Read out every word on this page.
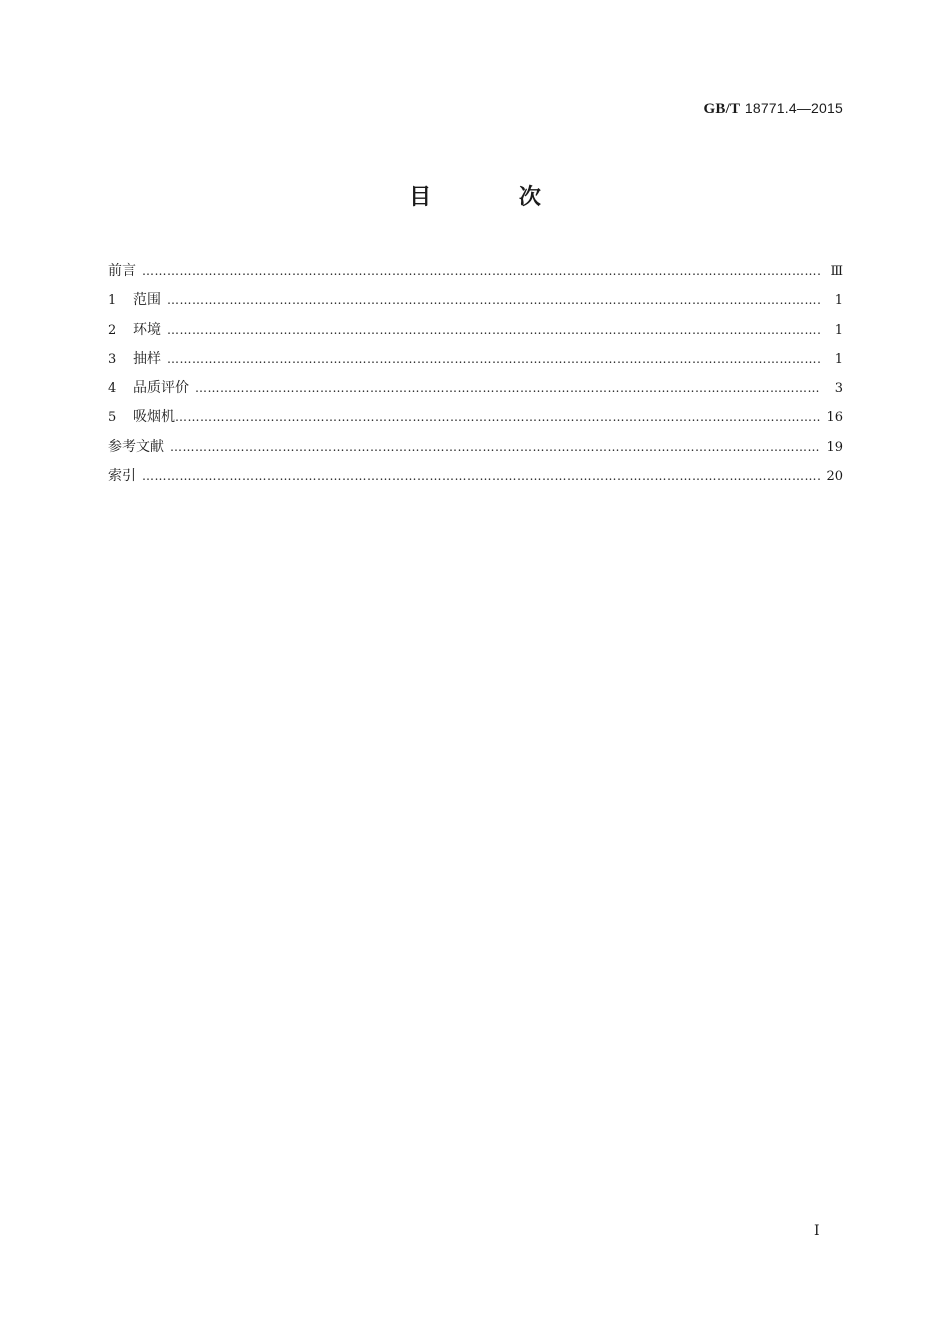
GB/T 18771.4—2015
目 次
前言 …………………………………………………………………………………………………………………………………………………………………………………………………………	Ⅲ
1	范围 …………………………………………………………………………………………………………………………………………………………………………………………………………	1
2	环境 …………………………………………………………………………………………………………………………………………………………………………………………………………	1
3	抽样 …………………………………………………………………………………………………………………………………………………………………………………………………………	1
4	品质评价 …………………………………………………………………………………………………………………………………………………………………………………………………………	3
5	吸烟机 …………………………………………………………………………………………………………………………………………………………………………………………………………	16
参考文献 …………………………………………………………………………………………………………………………………………………………………………………………………………	19
索引 …………………………………………………………………………………………………………………………………………………………………………………………………………	20
I
